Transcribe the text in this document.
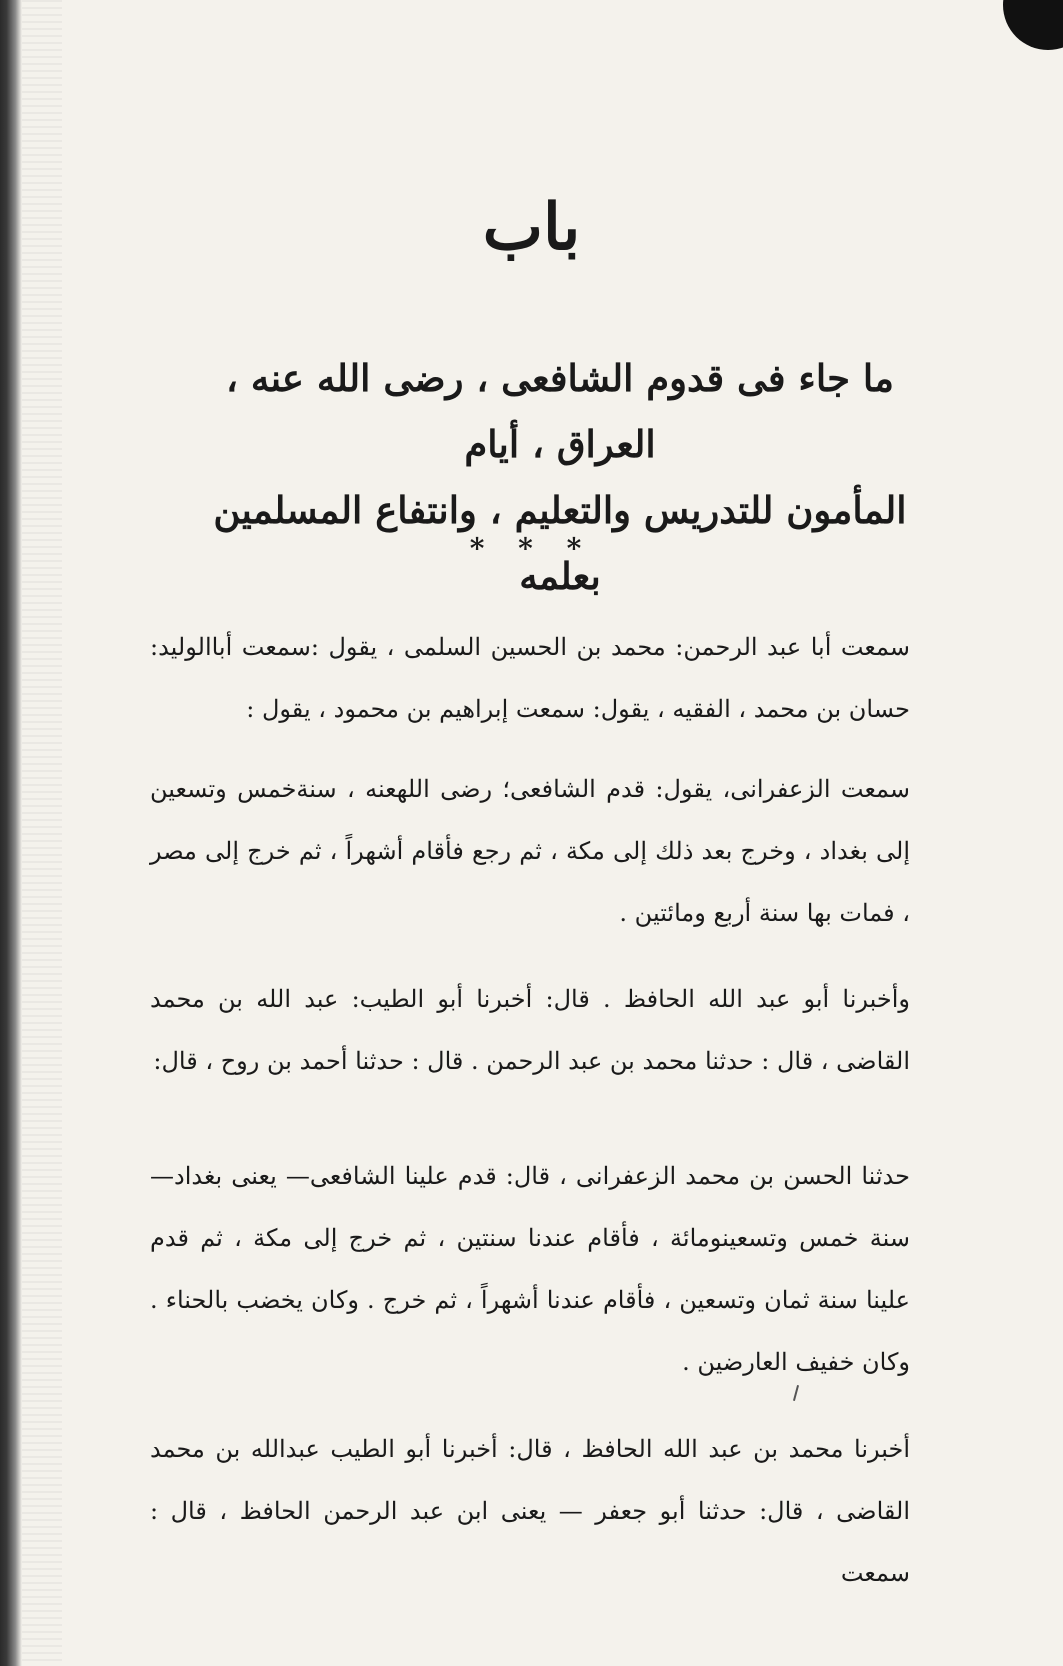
باب
ما جاء فى قدوم الشافعى ، رضى الله عنه ، العراق ، أيام
المأمون للتدريس والتعليم ، وانتفاع المسلمين بعلمه
* * *

سمعت أبا عبد الرحمن: محمد بن الحسين السلمى ، يقول :سمعت أباالوليد: حسان بن محمد ، الفقيه ، يقول: سمعت إبراهيم بن محمود ، يقول :

سمعت الزعفرانى، يقول: قدم الشافعى؛ رضى اللهعنه ، سنةخمس وتسعين إلى بغداد ، وخرج بعد ذلك إلى مكة ، ثم رجع فأقام أشهراً ، ثم خرج إلى مصر ، فمات بها سنة أربع ومائتين .

وأخبرنا أبو عبد الله الحافظ . قال: أخبرنا أبو الطيب: عبد الله بن محمد القاضى ، قال : حدثنا محمد بن عبد الرحمن . قال : حدثنا أحمد بن روح ، قال:

حدثنا الحسن بن محمد الزعفرانى ، قال: قدم علينا الشافعى— يعنى بغداد— سنة خمس وتسعينومائة ، فأقام عندنا سنتين ، ثم خرج إلى مكة ، ثم قدم علينا سنة ثمان وتسعين ، فأقام عندنا أشهراً ، ثم خرج . وكان يخضب بالحناء . وكان خفيف العارضين .

أخبرنا محمد بن عبد الله الحافظ ، قال: أخبرنا أبو الطيب عبدالله بن محمد القاضى ، قال: حدثنا أبو جعفر — يعنى ابن عبد الرحمن الحافظ ، قال : سمعت
